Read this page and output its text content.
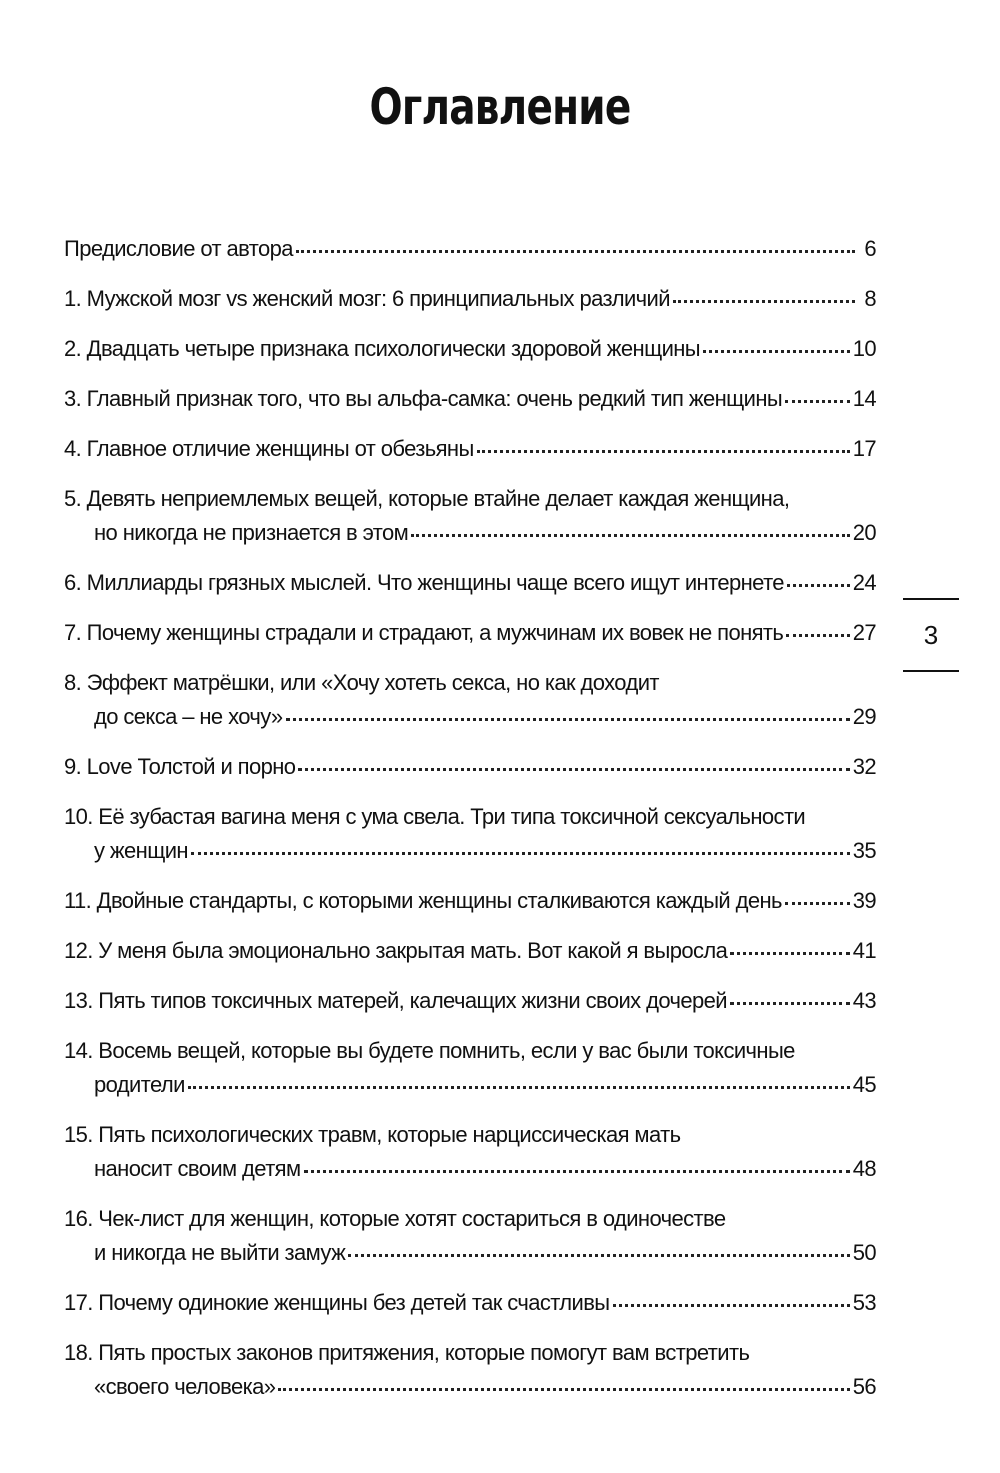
Оглавление
Предисловие от автора	6
1. Мужской мозг vs женский мозг: 6 принципиальных различий	8
2. Двадцать четыре признака психологически здоровой женщины	10
3. Главный признак того, что вы альфа-самка: очень редкий тип женщины	14
4. Главное отличие женщины от обезьяны	17
5. Девять неприемлемых вещей, которые втайне делает каждая женщина,
но никогда не признается в этом	20
6. Миллиарды грязных мыслей. Что женщины чаще всего ищут интернете	24
7. Почему женщины страдали и страдают, а мужчинам их вовек не понять	27
8. Эффект матрёшки, или «Хочу хотеть секса, но как доходит
до секса – не хочу»	29
9. Love Толстой и порно	32
10. Её зубастая вагина меня с ума свела. Три типа токсичной сексуальности
у женщин	35
11. Двойные стандарты, с которыми женщины сталкиваются каждый день	39
12. У меня была эмоционально закрытая мать. Вот какой я выросла	41
13. Пять типов токсичных матерей, калечащих жизни своих дочерей	43
14. Восемь вещей, которые вы будете помнить, если у вас были токсичные
родители	45
15. Пять психологических травм, которые нарциссическая мать
наносит своим детям	48
16. Чек-лист для женщин, которые хотят состариться в одиночестве
и никогда не выйти замуж	50
17. Почему одинокие женщины без детей так счастливы	53
18. Пять простых законов притяжения, которые помогут вам встретить
«своего человека»	56
3
